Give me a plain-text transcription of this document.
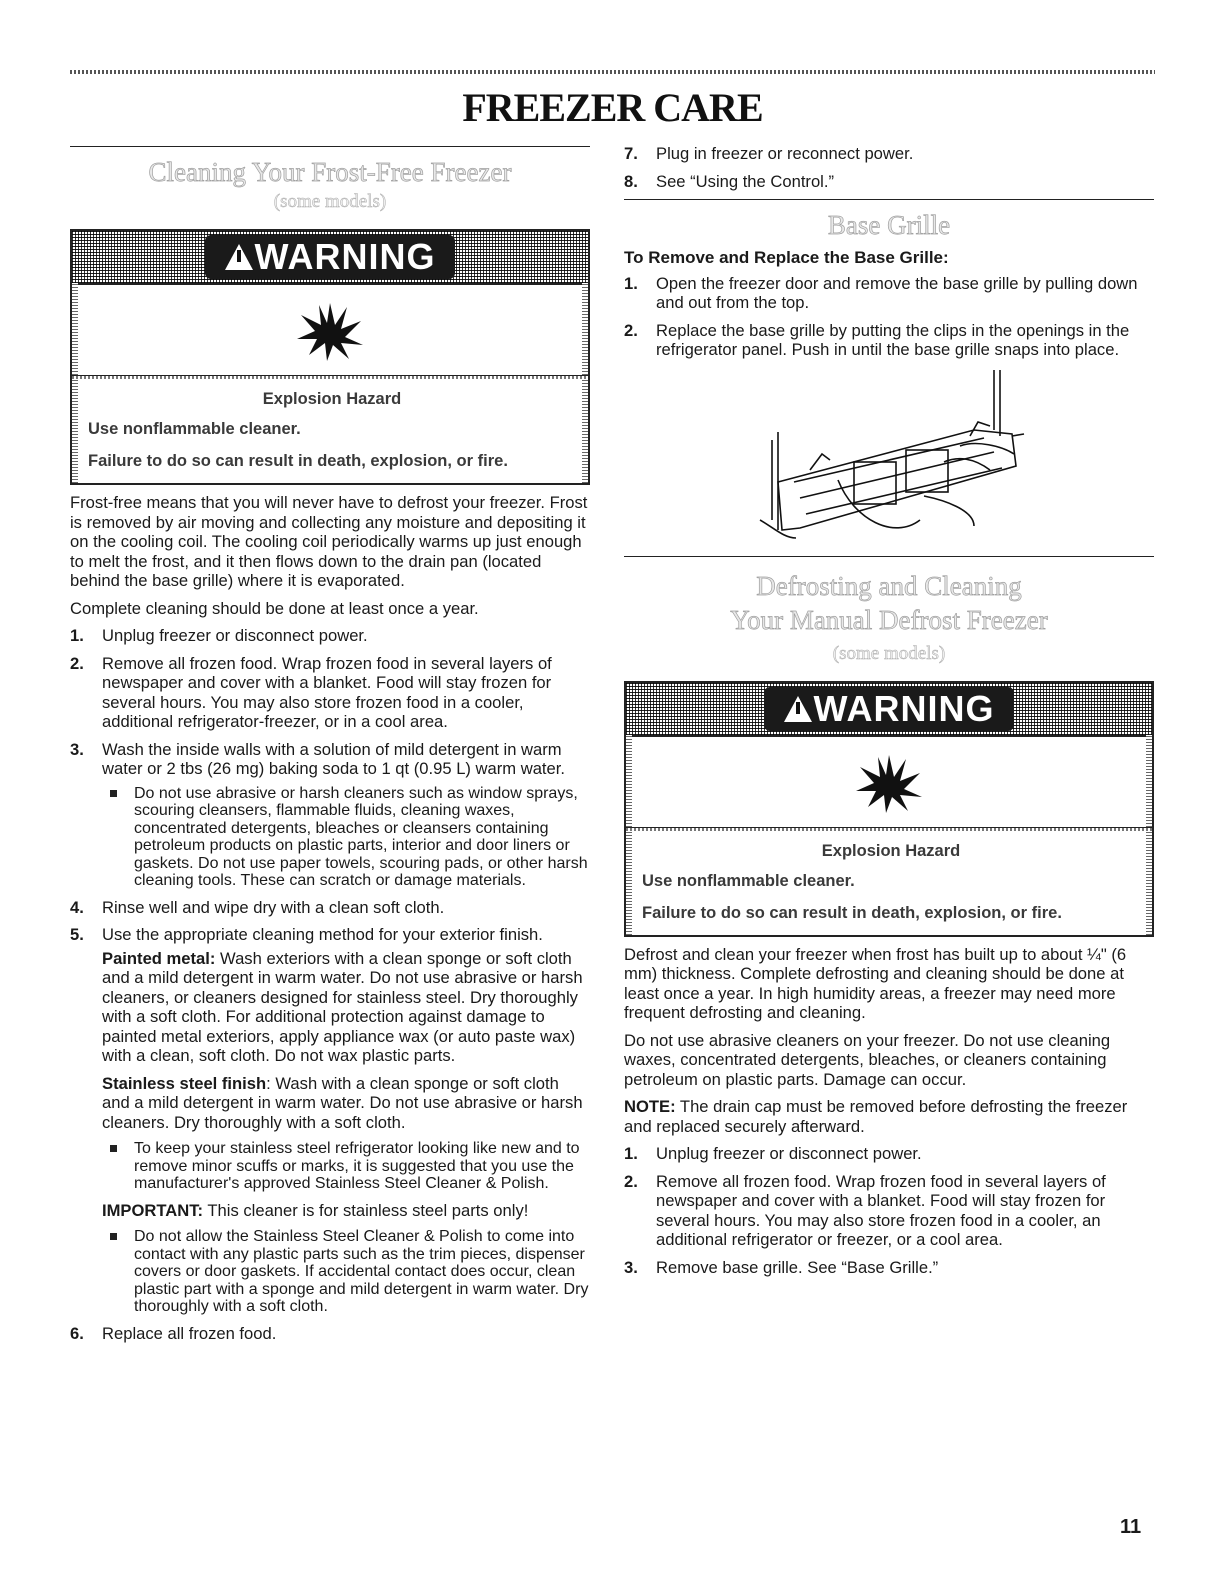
FREEZER CARE
Cleaning Your Frost-Free Freezer
(some models)
WARNING
Explosion Hazard
Use nonflammable cleaner.
Failure to do so can result in death, explosion, or fire.

Frost-free means that you will never have to defrost your freezer. Frost is removed by air moving and collecting any moisture and depositing it on the cooling coil. The cooling coil periodically warms up just enough to melt the frost, and it then flows down to the drain pan (located behind the base grille) where it is evaporated.

Complete cleaning should be done at least once a year.

1. Unplug freezer or disconnect power.
2. Remove all frozen food. Wrap frozen food in several layers of newspaper and cover with a blanket. Food will stay frozen for several hours. You may also store frozen food in a cooler, additional refrigerator-freezer, or in a cool area.
3. Wash the inside walls with a solution of mild detergent in warm water or 2 tbs (26 mg) baking soda to 1 qt (0.95 L) warm water.
Do not use abrasive or harsh cleaners such as window sprays, scouring cleansers, flammable fluids, cleaning waxes, concentrated detergents, bleaches or cleansers containing petroleum products on plastic parts, interior and door liners or gaskets. Do not use paper towels, scouring pads, or other harsh cleaning tools. These can scratch or damage materials.
4. Rinse well and wipe dry with a clean soft cloth.
5. Use the appropriate cleaning method for your exterior finish.

Painted metal: Wash exteriors with a clean sponge or soft cloth and a mild detergent in warm water. Do not use abrasive or harsh cleaners, or cleaners designed for stainless steel. Dry thoroughly with a soft cloth. For additional protection against damage to painted metal exteriors, apply appliance wax (or auto paste wax) with a clean, soft cloth. Do not wax plastic parts.

Stainless steel finish: Wash with a clean sponge or soft cloth and a mild detergent in warm water. Do not use abrasive or harsh cleaners. Dry thoroughly with a soft cloth.

To keep your stainless steel refrigerator looking like new and to remove minor scuffs or marks, it is suggested that you use the manufacturer's approved Stainless Steel Cleaner & Polish.

IMPORTANT: This cleaner is for stainless steel parts only!

Do not allow the Stainless Steel Cleaner & Polish to come into contact with any plastic parts such as the trim pieces, dispenser covers or door gaskets. If accidental contact does occur, clean plastic part with a sponge and mild detergent in warm water. Dry thoroughly with a soft cloth.
6. Replace all frozen food.
7. Plug in freezer or reconnect power.
8. See “Using the Control.”
Base Grille
To Remove and Replace the Base Grille:
1. Open the freezer door and remove the base grille by pulling down and out from the top.
2. Replace the base grille by putting the clips in the openings in the refrigerator panel. Push in until the base grille snaps into place.
Defrosting and Cleaning
Your Manual Defrost Freezer
(some models)
WARNING
Explosion Hazard
Use nonflammable cleaner.
Failure to do so can result in death, explosion, or fire.

Defrost and clean your freezer when frost has built up to about ¼" (6 mm) thickness. Complete defrosting and cleaning should be done at least once a year. In high humidity areas, a freezer may need more frequent defrosting and cleaning.

Do not use abrasive cleaners on your freezer. Do not use cleaning waxes, concentrated detergents, bleaches, or cleaners containing petroleum on plastic parts. Damage can occur.

NOTE: The drain cap must be removed before defrosting the freezer and replaced securely afterward.

1. Unplug freezer or disconnect power.
2. Remove all frozen food. Wrap frozen food in several layers of newspaper and cover with a blanket. Food will stay frozen for several hours. You may also store frozen food in a cooler, an additional refrigerator or freezer, or a cool area.
3. Remove base grille. See “Base Grille.”
11
